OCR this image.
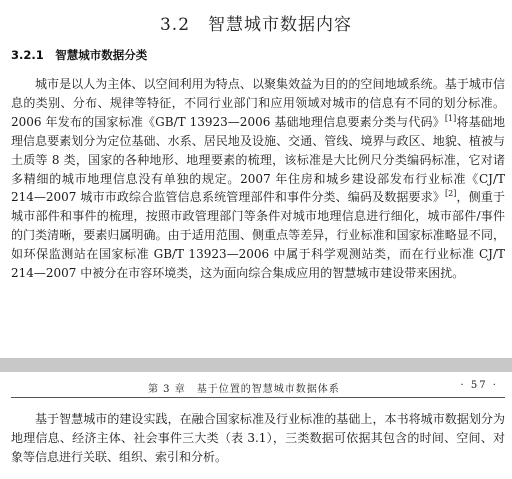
3.2　智慧城市数据内容
3.2.1　智慧城市数据分类
城市是以人为主体、以空间利用为特点、以聚集效益为目的的空间地域系统。基于城市信息的类别、分布、规律等特征，不同行业部门和应用领域对城市的信息有不同的划分标准。2006 年发布的国家标准《GB/T 13923—2006 基础地理信息要素分类与代码》[1]将基础地理信息要素划分为定位基础、水系、居民地及设施、交通、管线、境界与政区、地貌、植被与土质等 8 类，国家的各种地形、地理要素的梳理，该标准是大比例尺分类编码标准，它对诸多精细的城市地理信息没有单独的规定。2007 年住房和城乡建设部发布行业标准《CJ/T 214—2007 城市市政综合监管信息系统管理部件和事件分类、编码及数据要求》[2]，侧重于城市部件和事件的梳理，按照市政管理部门等条件对城市地理信息进行细化，城市部件/事件的门类清晰，要素归属明确。由于适用范围、侧重点等差异，行业标准和国家标准略显不同，如环保监测站在国家标准 GB/T 13923—2006 中属于科学观测站类，而在行业标准 CJ/T 214—2007 中被分在市容环境类，这为面向综合集成应用的智慧城市建设带来困扰。
第 3 章　基于位置的智慧城市数据体系	· 57 ·
基于智慧城市的建设实践，在融合国家标准及行业标准的基础上，本书将城市数据划分为地理信息、经济主体、社会事件三大类（表 3.1），三类数据可依据其包含的时间、空间、对象等信息进行关联、组织、索引和分析。
